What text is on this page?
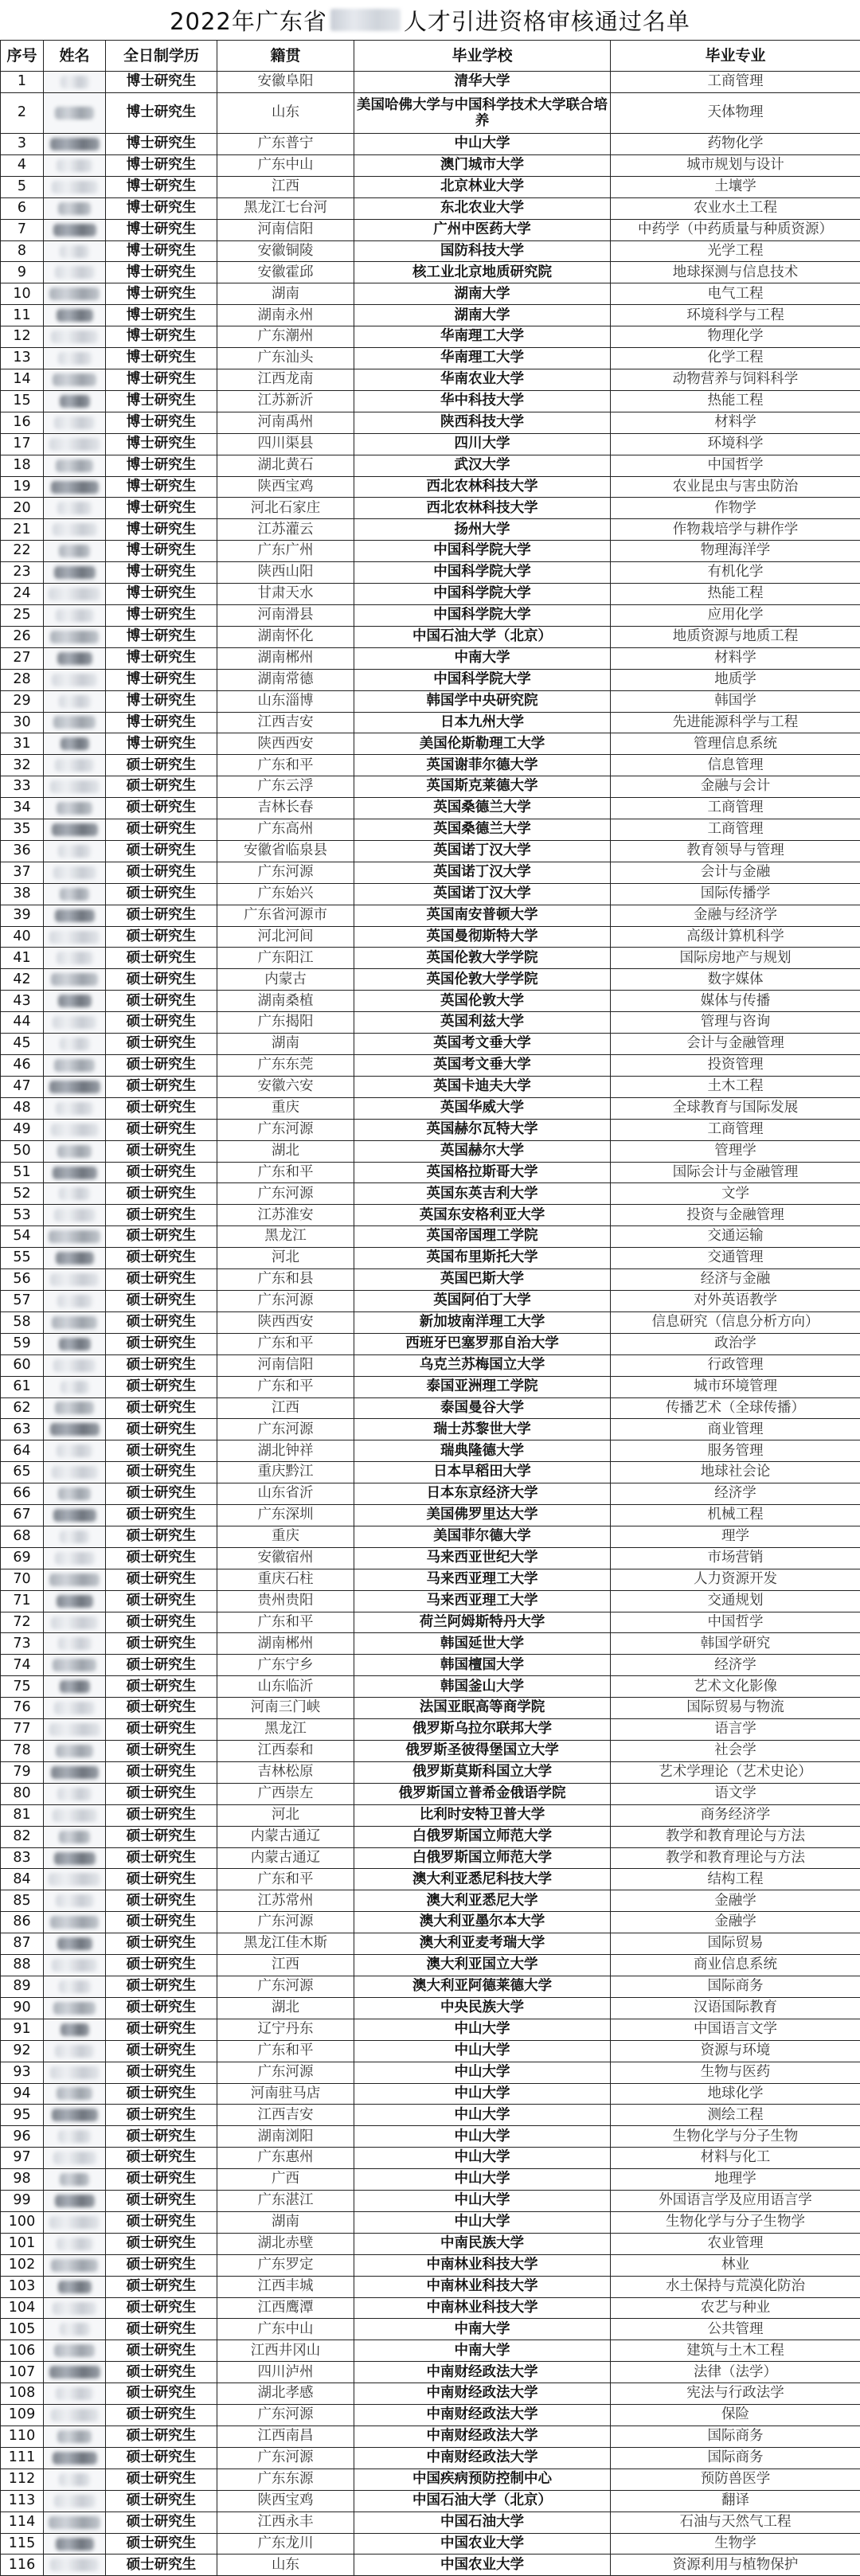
2022年广东省	人才引进资格审核通过名单
序号	姓名	全日制学历	籍贯	毕业学校	毕业专业
1		博士研究生	安徽阜阳	清华大学	工商管理
2		博士研究生	山东	美国哈佛大学与中国科学技术大学联合培养	天体物理
3		博士研究生	广东普宁	中山大学	药物化学
4		博士研究生	广东中山	澳门城市大学	城市规划与设计
5		博士研究生	江西	北京林业大学	土壤学
6		博士研究生	黑龙江七台河	东北农业大学	农业水土工程
7		博士研究生	河南信阳	广州中医药大学	中药学（中药质量与种质资源）
8		博士研究生	安徽铜陵	国防科技大学	光学工程
9		博士研究生	安徽霍邱	核工业北京地质研究院	地球探测与信息技术
10		博士研究生	湖南	湖南大学	电气工程
11		博士研究生	湖南永州	湖南大学	环境科学与工程
12		博士研究生	广东潮州	华南理工大学	物理化学
13		博士研究生	广东汕头	华南理工大学	化学工程
14		博士研究生	江西龙南	华南农业大学	动物营养与饲料科学
15		博士研究生	江苏新沂	华中科技大学	热能工程
16		博士研究生	河南禹州	陕西科技大学	材料学
17		博士研究生	四川渠县	四川大学	环境科学
18		博士研究生	湖北黄石	武汉大学	中国哲学
19		博士研究生	陕西宝鸡	西北农林科技大学	农业昆虫与害虫防治
20		博士研究生	河北石家庄	西北农林科技大学	作物学
21		博士研究生	江苏灌云	扬州大学	作物栽培学与耕作学
22		博士研究生	广东广州	中国科学院大学	物理海洋学
23		博士研究生	陕西山阳	中国科学院大学	有机化学
24		博士研究生	甘肃天水	中国科学院大学	热能工程
25		博士研究生	河南滑县	中国科学院大学	应用化学
26		博士研究生	湖南怀化	中国石油大学（北京）	地质资源与地质工程
27		博士研究生	湖南郴州	中南大学	材料学
28		博士研究生	湖南常德	中国科学院大学	地质学
29		博士研究生	山东淄博	韩国学中央研究院	韩国学
30		博士研究生	江西吉安	日本九州大学	先进能源科学与工程
31		博士研究生	陕西西安	美国伦斯勒理工大学	管理信息系统
32		硕士研究生	广东和平	英国谢菲尔德大学	信息管理
33		硕士研究生	广东云浮	英国斯克莱德大学	金融与会计
34		硕士研究生	吉林长春	英国桑德兰大学	工商管理
35		硕士研究生	广东高州	英国桑德兰大学	工商管理
36		硕士研究生	安徽省临泉县	英国诺丁汉大学	教育领导与管理
37		硕士研究生	广东河源	英国诺丁汉大学	会计与金融
38		硕士研究生	广东始兴	英国诺丁汉大学	国际传播学
39		硕士研究生	广东省河源市	英国南安普顿大学	金融与经济学
40		硕士研究生	河北河间	英国曼彻斯特大学	高级计算机科学
41		硕士研究生	广东阳江	英国伦敦大学学院	国际房地产与规划
42		硕士研究生	内蒙古	英国伦敦大学学院	数字媒体
43		硕士研究生	湖南桑植	英国伦敦大学	媒体与传播
44		硕士研究生	广东揭阳	英国利兹大学	管理与咨询
45		硕士研究生	湖南	英国考文垂大学	会计与金融管理
46		硕士研究生	广东东莞	英国考文垂大学	投资管理
47		硕士研究生	安徽六安	英国卡迪夫大学	土木工程
48		硕士研究生	重庆	英国华威大学	全球教育与国际发展
49		硕士研究生	广东河源	英国赫尔瓦特大学	工商管理
50		硕士研究生	湖北	英国赫尔大学	管理学
51		硕士研究生	广东和平	英国格拉斯哥大学	国际会计与金融管理
52		硕士研究生	广东河源	英国东英吉利大学	文学
53		硕士研究生	江苏淮安	英国东安格利亚大学	投资与金融管理
54		硕士研究生	黑龙江	英国帝国理工学院	交通运输
55		硕士研究生	河北	英国布里斯托大学	交通管理
56		硕士研究生	广东和县	英国巴斯大学	经济与金融
57		硕士研究生	广东河源	英国阿伯丁大学	对外英语教学
58		硕士研究生	陕西西安	新加坡南洋理工大学	信息研究（信息分析方向）
59		硕士研究生	广东和平	西班牙巴塞罗那自治大学	政治学
60		硕士研究生	河南信阳	乌克兰苏梅国立大学	行政管理
61		硕士研究生	广东和平	泰国亚洲理工学院	城市环境管理
62		硕士研究生	江西	泰国曼谷大学	传播艺术（全球传播）
63		硕士研究生	广东河源	瑞士苏黎世大学	商业管理
64		硕士研究生	湖北钟祥	瑞典隆德大学	服务管理
65		硕士研究生	重庆黔江	日本早稻田大学	地球社会论
66		硕士研究生	山东省沂	日本东京经济大学	经济学
67		硕士研究生	广东深圳	美国佛罗里达大学	机械工程
68		硕士研究生	重庆	美国菲尔德大学	理学
69		硕士研究生	安徽宿州	马来西亚世纪大学	市场营销
70		硕士研究生	重庆石柱	马来西亚理工大学	人力资源开发
71		硕士研究生	贵州贵阳	马来西亚理工大学	交通规划
72		硕士研究生	广东和平	荷兰阿姆斯特丹大学	中国哲学
73		硕士研究生	湖南郴州	韩国延世大学	韩国学研究
74		硕士研究生	广东宁乡	韩国檀国大学	经济学
75		硕士研究生	山东临沂	韩国釜山大学	艺术文化影像
76		硕士研究生	河南三门峡	法国亚眠高等商学院	国际贸易与物流
77		硕士研究生	黑龙江	俄罗斯乌拉尔联邦大学	语言学
78		硕士研究生	江西泰和	俄罗斯圣彼得堡国立大学	社会学
79		硕士研究生	吉林松原	俄罗斯莫斯科国立大学	艺术学理论（艺术史论）
80		硕士研究生	广西崇左	俄罗斯国立普希金俄语学院	语文学
81		硕士研究生	河北	比利时安特卫普大学	商务经济学
82		硕士研究生	内蒙古通辽	白俄罗斯国立师范大学	教学和教育理论与方法
83		硕士研究生	内蒙古通辽	白俄罗斯国立师范大学	教学和教育理论与方法
84		硕士研究生	广东和平	澳大利亚悉尼科技大学	结构工程
85		硕士研究生	江苏常州	澳大利亚悉尼大学	金融学
86		硕士研究生	广东河源	澳大利亚墨尔本大学	金融学
87		硕士研究生	黑龙江佳木斯	澳大利亚麦考瑞大学	国际贸易
88		硕士研究生	江西	澳大利亚国立大学	商业信息系统
89		硕士研究生	广东河源	澳大利亚阿德莱德大学	国际商务
90		硕士研究生	湖北	中央民族大学	汉语国际教育
91		硕士研究生	辽宁丹东	中山大学	中国语言文学
92		硕士研究生	广东和平	中山大学	资源与环境
93		硕士研究生	广东河源	中山大学	生物与医药
94		硕士研究生	河南驻马店	中山大学	地球化学
95		硕士研究生	江西吉安	中山大学	测绘工程
96		硕士研究生	湖南浏阳	中山大学	生物化学与分子生物
97		硕士研究生	广东惠州	中山大学	材料与化工
98		硕士研究生	广西	中山大学	地理学
99		硕士研究生	广东湛江	中山大学	外国语言学及应用语言学
100		硕士研究生	湖南	中山大学	生物化学与分子生物学
101		硕士研究生	湖北赤壁	中南民族大学	农业管理
102		硕士研究生	广东罗定	中南林业科技大学	林业
103		硕士研究生	江西丰城	中南林业科技大学	水土保持与荒漠化防治
104		硕士研究生	江西鹰潭	中南林业科技大学	农艺与种业
105		硕士研究生	广东中山	中南大学	公共管理
106		硕士研究生	江西井冈山	中南大学	建筑与土木工程
107		硕士研究生	四川泸州	中南财经政法大学	法律（法学）
108		硕士研究生	湖北孝感	中南财经政法大学	宪法与行政法学
109		硕士研究生	广东河源	中南财经政法大学	保险
110		硕士研究生	江西南昌	中南财经政法大学	国际商务
111		硕士研究生	广东河源	中南财经政法大学	国际商务
112		硕士研究生	广东东源	中国疾病预防控制中心	预防兽医学
113		硕士研究生	陕西宝鸡	中国石油大学（北京）	翻译
114		硕士研究生	江西永丰	中国石油大学	石油与天然气工程
115		硕士研究生	广东龙川	中国农业大学	生物学
116		硕士研究生	山东	中国农业大学	资源利用与植物保护
